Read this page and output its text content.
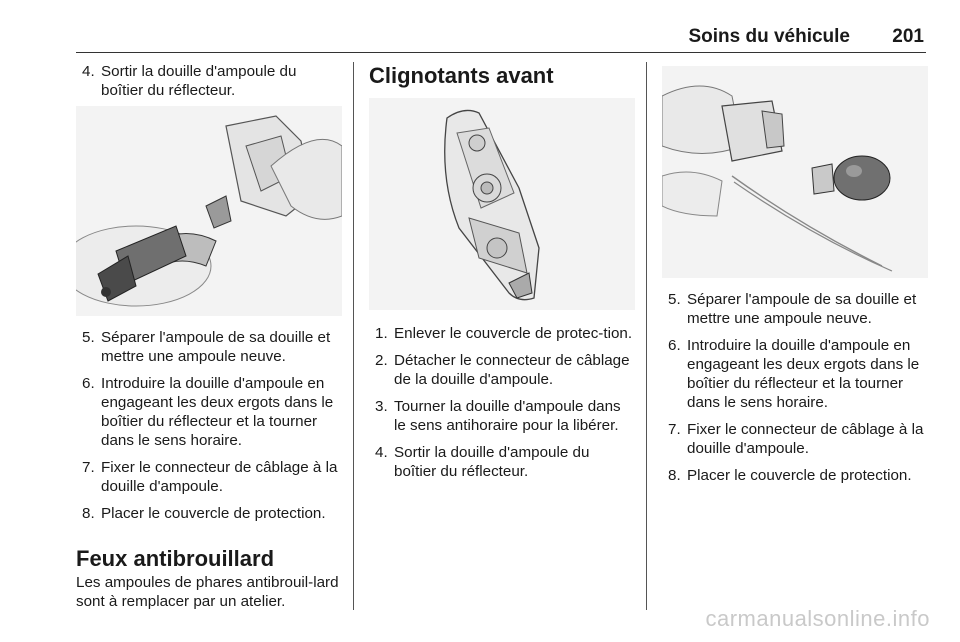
Soins du véhicule 201
4. Sortir la douille d'ampoule du boîtier du réflecteur.
5. Séparer l'ampoule de sa douille et mettre une ampoule neuve.
6. Introduire la douille d'ampoule en engageant les deux ergots dans le boîtier du réflecteur et la tourner dans le sens horaire.
7. Fixer le connecteur de câblage à la douille d'ampoule.
8. Placer le couvercle de protection.
Feux antibrouillard
Les ampoules de phares antibrouil-lard sont à remplacer par un atelier.
Clignotants avant
1. Enlever le couvercle de protec-tion.
2. Détacher le connecteur de câblage de la douille d'ampoule.
3. Tourner la douille d'ampoule dans le sens antihoraire pour la libérer.
4. Sortir la douille d'ampoule du boîtier du réflecteur.
5. Séparer l'ampoule de sa douille et mettre une ampoule neuve.
6. Introduire la douille d'ampoule en engageant les deux ergots dans le boîtier du réflecteur et la tourner dans le sens horaire.
7. Fixer le connecteur de câblage à la douille d'ampoule.
8. Placer le couvercle de protection.
carmanualsonline.info
